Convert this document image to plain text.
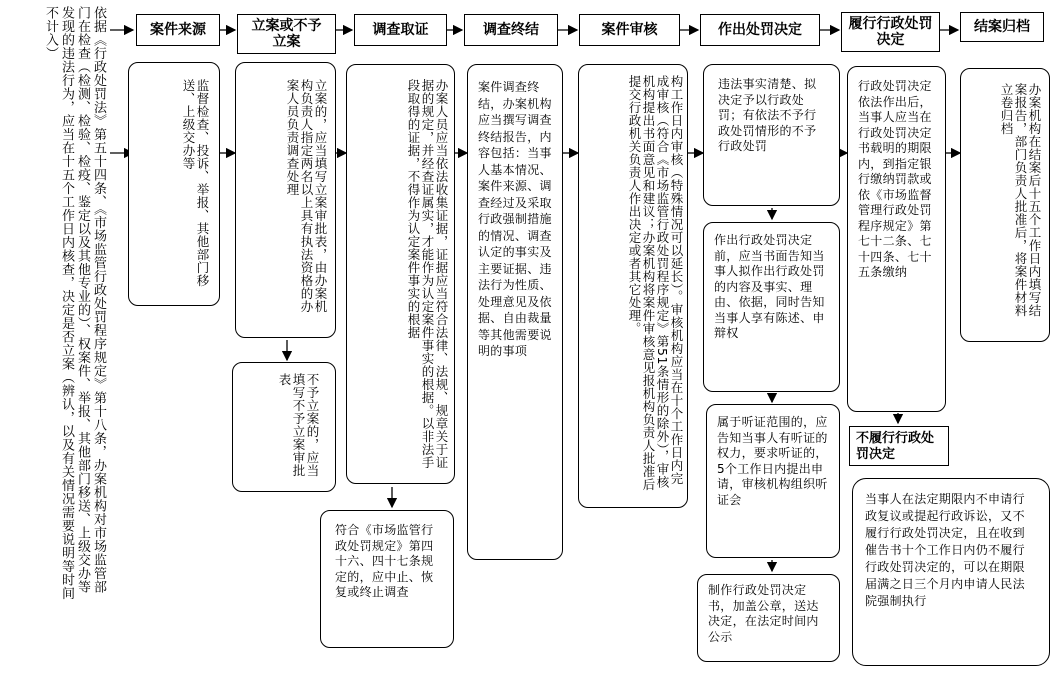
依据《行政处罚法》第五十四条、《市场监管行政处罚程序规定》第十八条，办案机构对市场监管部门在检查（检测、检验、检疫、鉴定以及其他专业的）、权案件、举报、其他部门移送、上级交办等发现的违法行为，应当在十五个工作日内核查，决定是否立案（辨认，以及有关情况需要说明等时间不计入）	案件来源	立案或不予立案
调查取证	调查终结	案件审核	作出处罚决定	履行行政处罚决定
结案归档
监督检查、投诉、举报、其他部门移送、上级交办等	立案的，应当填写立案审批表，由办案机构负责人指定两名以上具有执法资格的办案人员负责调查处理
不予立案的，应当填写不予立案审批表	办案人员应当依法收集证据，证据应当符合法律、法规、规章关于证据的规定，并经查证属实，才能作为认定案件事实的根据。以非法手段取得的证据，不得作为认定案件事实的根据
符合《市场监管行政处罚规定》第四十六、四十七条规定的，应中止、恢复或终止调查
案件调查终结，办案机构应当撰写调查终结报告，内容包括：当事人基本情况、案件来源、调查经过及采取行政强制措施的情况、调查认定的事实及主要证据、违法行为性质、处理意见及依据、自由裁量等其他需要说明的事项	构工作日内审核（特殊情况可以延长）。审核机构应当在十个工作日内完成审核（符合《市场监管行政处罚程序规定》第51条情形的除外），审核机构提出书面意见和建议；办案机构将案件审核意见报机构负责人批准后提交行政机关负责人作出决定或者其它处理。	违法事实清楚、拟决定予以行政处罚；有依法不予行政处罚情形的不予行政处罚
作出行政处罚决定前，应当书面告知当事人拟作出行政处罚的内容及事实、理由、依据，同时告知当事人享有陈述、申辩权
属于听证范围的，应告知当事人有听证的权力，要求听证的，5个工作日内提出申请，审核机构组织听证会
制作行政处罚决定书，加盖公章，送达决定，在法定时间内公示
行政处罚决定依法作出后，当事人应当在行政处罚决定书载明的期限内，到指定银行缴纳罚款或依《市场监督管理行政处罚程序规定》第七十二条、七十四条、七十五条缴纳	办案机构在结案后十五个工作日内填写结案报告，部门负责人批准后，将案件材料立卷归档
不履行行政处罚决定
当事人在法定期限内不申请行政复议或提起行政诉讼，又不履行行政处罚决定，且在收到催告书十个工作日内仍不履行行政处罚决定的，可以在期限届满之日三个月内申请人民法院强制执行
